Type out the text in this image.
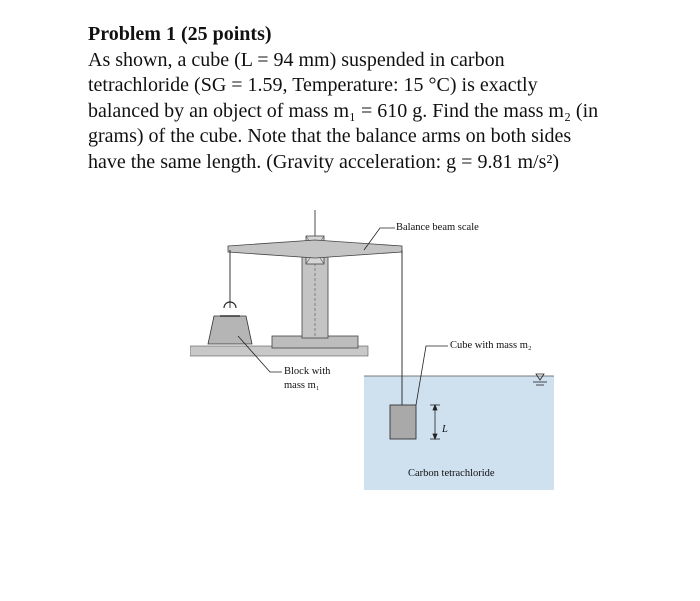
Problem 1 (25 points)
As shown, a cube (L = 94 mm) suspended in carbon
tetrachloride (SG = 1.59, Temperature: 15 °C) is exactly
balanced by an object of mass m₁ = 610 g. Find the mass m₂ (in
grams) of the cube. Note that the balance arms on both sides
have the same length. (Gravity acceleration: g = 9.81 m/s²)
Balance beam scale
Cube with mass m₂
Block with
mass m₁
L
Carbon tetrachloride
